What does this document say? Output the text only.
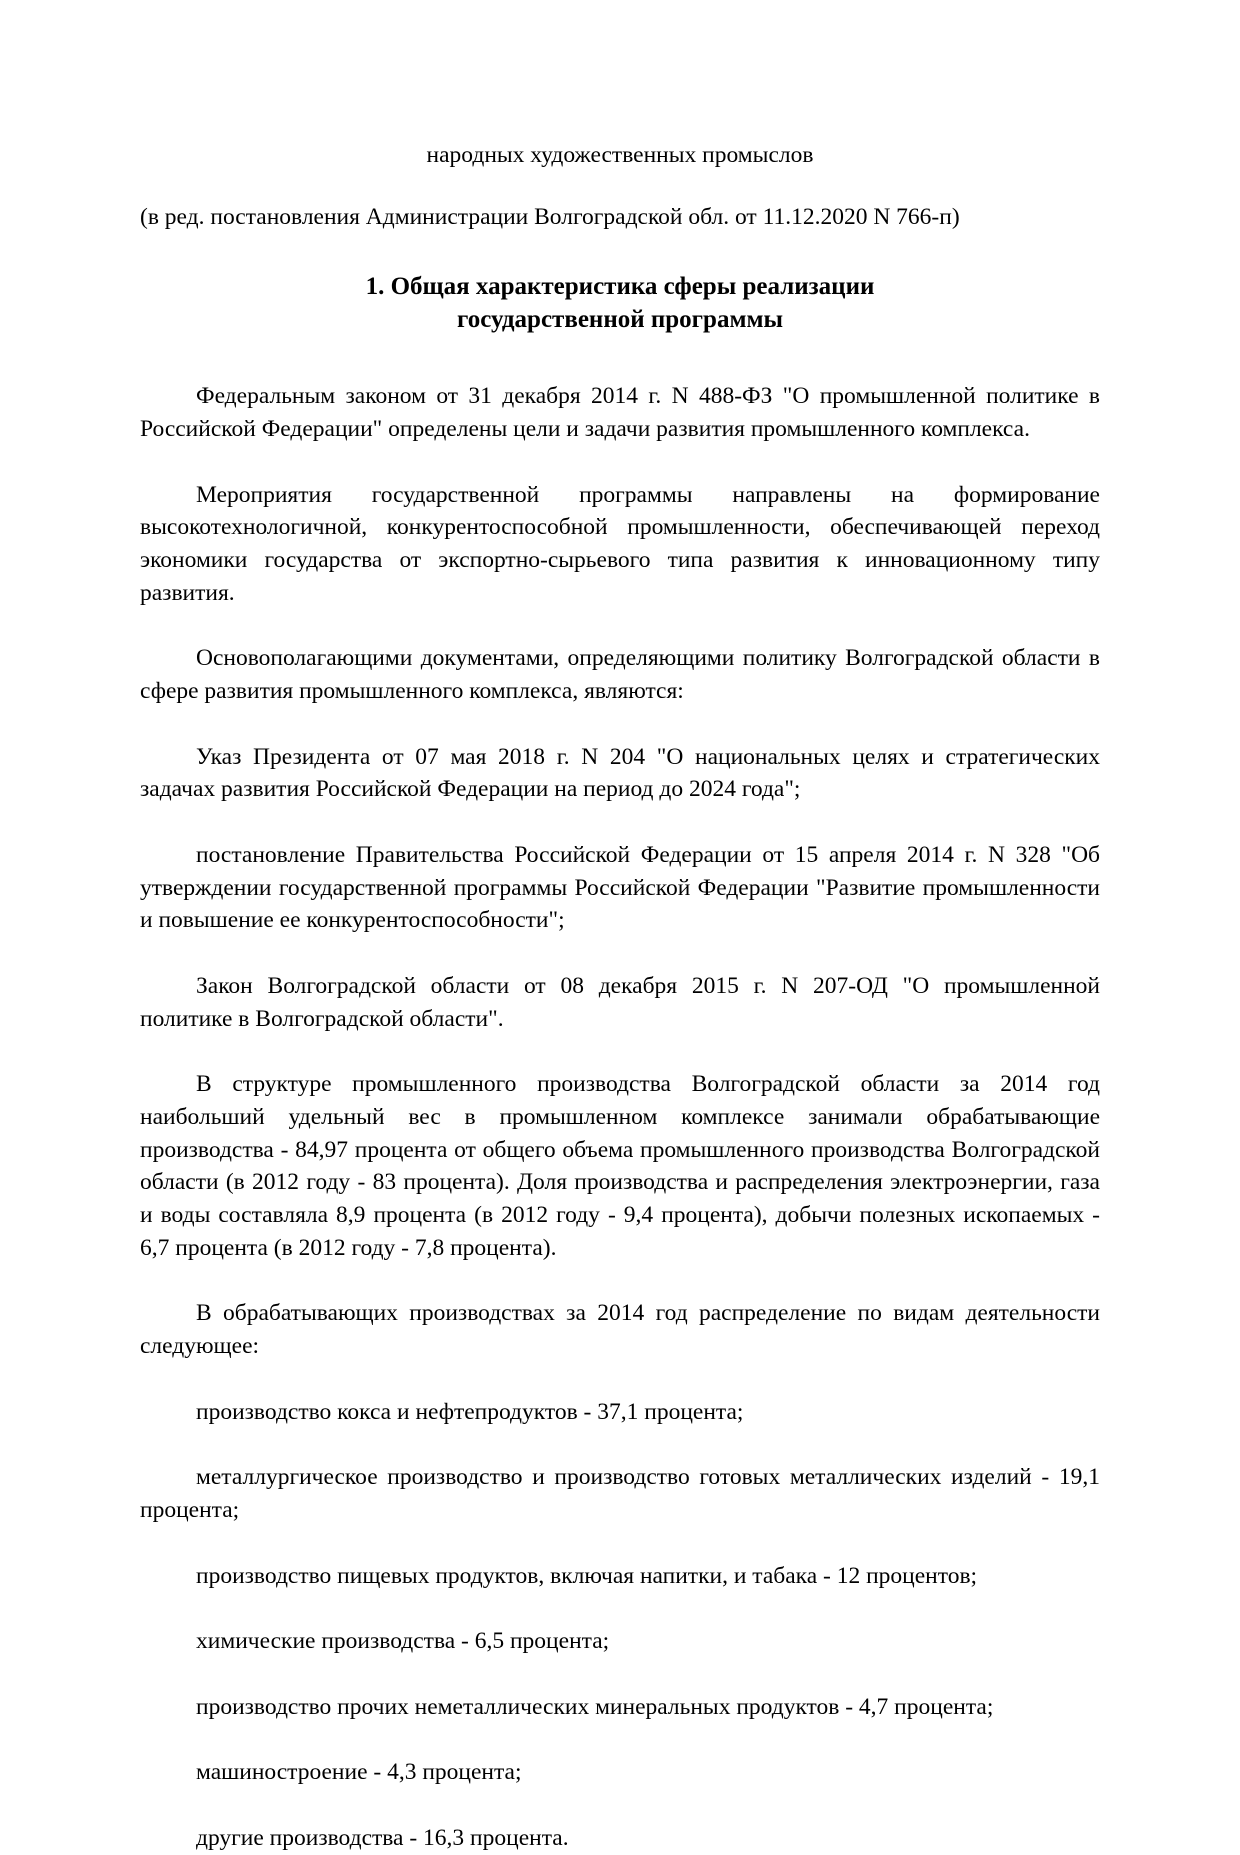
народных художественных промыслов
(в ред. постановления Администрации Волгоградской обл. от 11.12.2020 N 766-п)
1. Общая характеристика сферы реализации
государственной программы

Федеральным законом от 31 декабря 2014 г. N 488-ФЗ "О промышленной политике в Российской Федерации" определены цели и задачи развития промышленного комплекса.

Мероприятия государственной программы направлены на формирование высокотехнологичной, конкурентоспособной промышленности, обеспечивающей переход экономики государства от экспортно-сырьевого типа развития к инновационному типу развития.

Основополагающими документами, определяющими политику Волгоградской области в сфере развития промышленного комплекса, являются:

Указ Президента от 07 мая 2018 г. N 204 "О национальных целях и стратегических задачах развития Российской Федерации на период до 2024 года";

постановление Правительства Российской Федерации от 15 апреля 2014 г. N 328 "Об утверждении государственной программы Российской Федерации "Развитие промышленности и повышение ее конкурентоспособности";

Закон Волгоградской области от 08 декабря 2015 г. N 207-ОД "О промышленной политике в Волгоградской области".

В структуре промышленного производства Волгоградской области за 2014 год наибольший удельный вес в промышленном комплексе занимали обрабатывающие производства - 84,97 процента от общего объема промышленного производства Волгоградской области (в 2012 году - 83 процента). Доля производства и распределения электроэнергии, газа и воды составляла 8,9 процента (в 2012 году - 9,4 процента), добычи полезных ископаемых - 6,7 процента (в 2012 году - 7,8 процента).

В обрабатывающих производствах за 2014 год распределение по видам деятельности следующее:

производство кокса и нефтепродуктов - 37,1 процента;

металлургическое производство и производство готовых металлических изделий - 19,1 процента;

производство пищевых продуктов, включая напитки, и табака - 12 процентов;

химические производства - 6,5 процента;

производство прочих неметаллических минеральных продуктов - 4,7 процента;

машиностроение - 4,3 процента;

другие производства - 16,3 процента.
